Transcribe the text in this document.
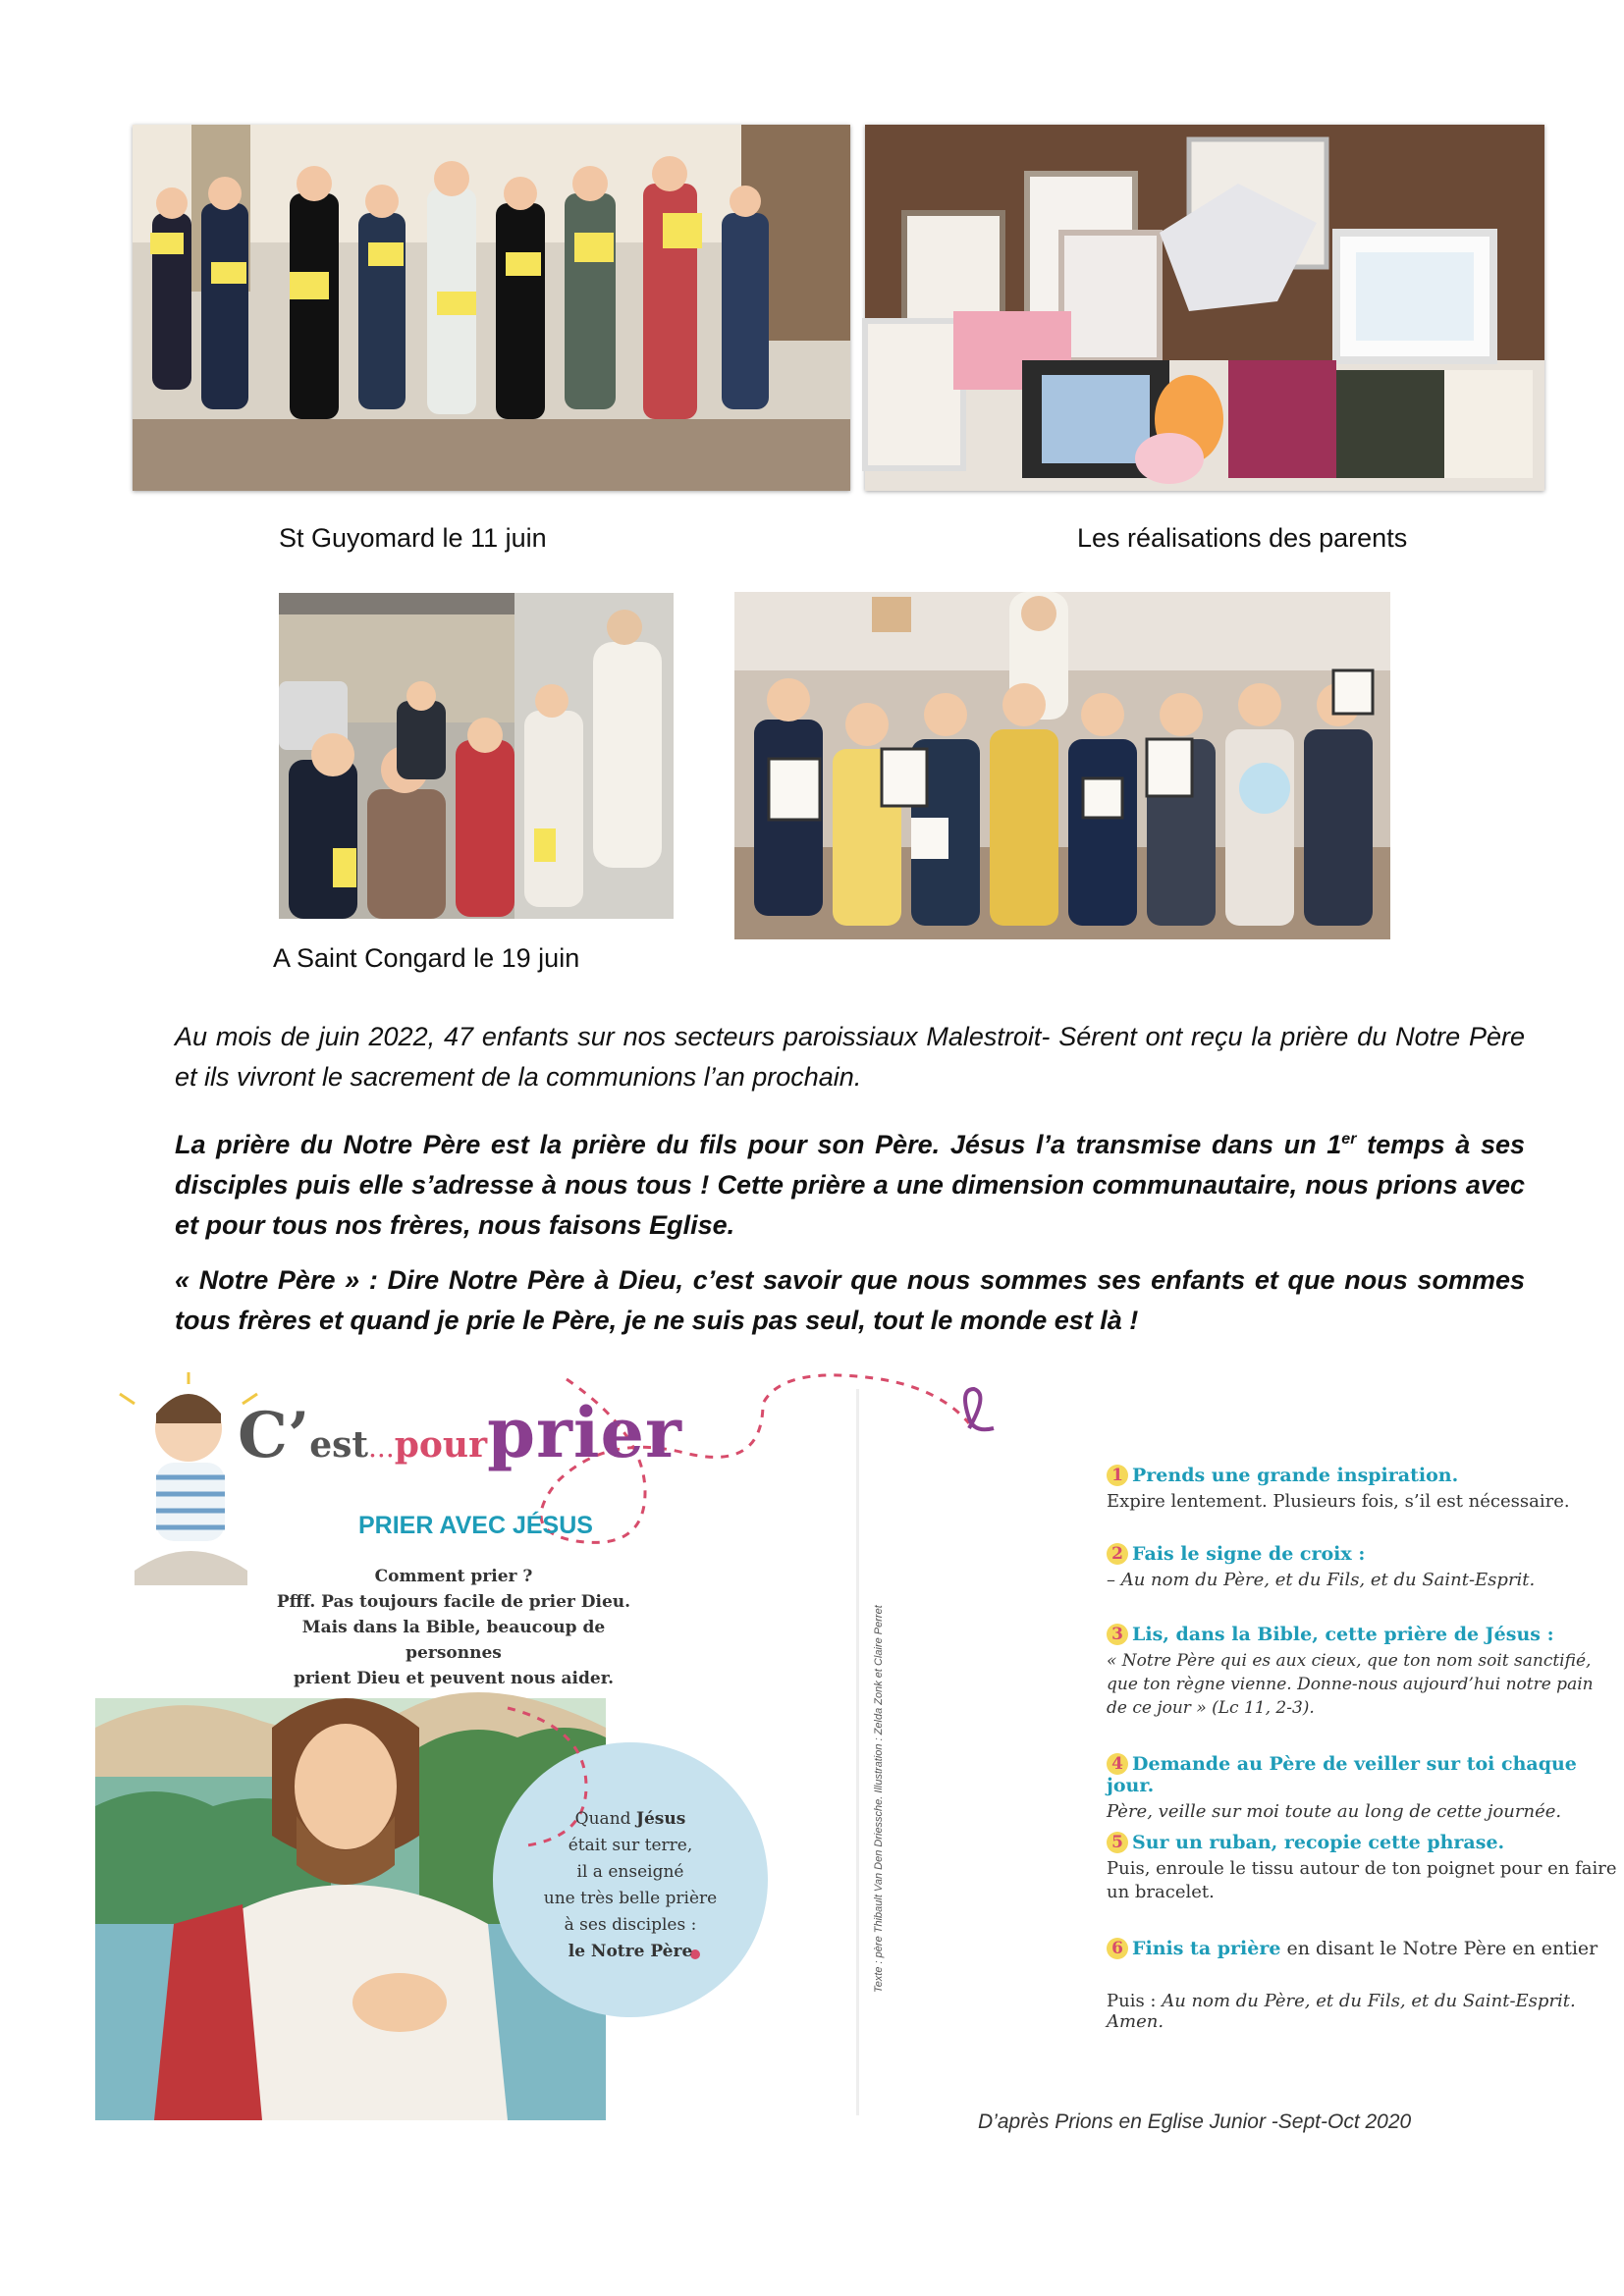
St Guyomard le 11 juin	Les réalisations des parents
A Saint Congard le 19 juin
Au mois de juin 2022, 47 enfants sur nos secteurs paroissiaux Malestroit- Sérent ont reçu la prière du Notre Père et ils vivront le sacrement de la communions l’an prochain.
La prière du Notre Père est la prière du fils pour son Père. Jésus l’a transmise dans un 1er temps à ses disciples puis elle s’adresse à nous tous ! Cette prière a une dimension communautaire, nous prions avec et pour tous nos frères, nous faisons Eglise.
« Notre Père » : Dire Notre Père à Dieu, c’est savoir que nous sommes ses enfants et que nous sommes tous frères et quand je prie le Père, je ne suis pas seul, tout le monde est là !
C’est...pourprier
PRIER AVEC JÉSUS
Comment prier ?
Pfff. Pas toujours facile de prier Dieu.
Mais dans la Bible, beaucoup de personnes
prient Dieu et peuvent nous aider.
Quand Jésus
était sur terre,
il a enseigné
une très belle prière
à ses disciples :
le Notre Père	Texte : père Thibault Van Den Driessche. Illustration : Zelda Zonk et Claire Perret
1 Prends une grande inspiration.
Expire lentement. Plusieurs fois, s’il est nécessaire.
2 Fais le signe de croix :
– Au nom du Père, et du Fils, et du Saint-Esprit.
3 Lis, dans la Bible, cette prière de Jésus :
« Notre Père qui es aux cieux, que ton nom soit sanctifié, que ton règne vienne. Donne-nous aujourd’hui notre pain de ce jour » (Lc 11, 2-3).
4 Demande au Père de veiller sur toi chaque jour.
Père, veille sur moi toute au long de cette journée.
5 Sur un ruban, recopie cette phrase.
Puis, enroule le tissu autour de ton poignet pour en faire un bracelet.
6 Finis ta prière en disant le Notre Père en entier
Puis : Au nom du Père, et du Fils, et du Saint-Esprit. Amen.
D’après Prions en Eglise Junior -Sept-Oct 2020
